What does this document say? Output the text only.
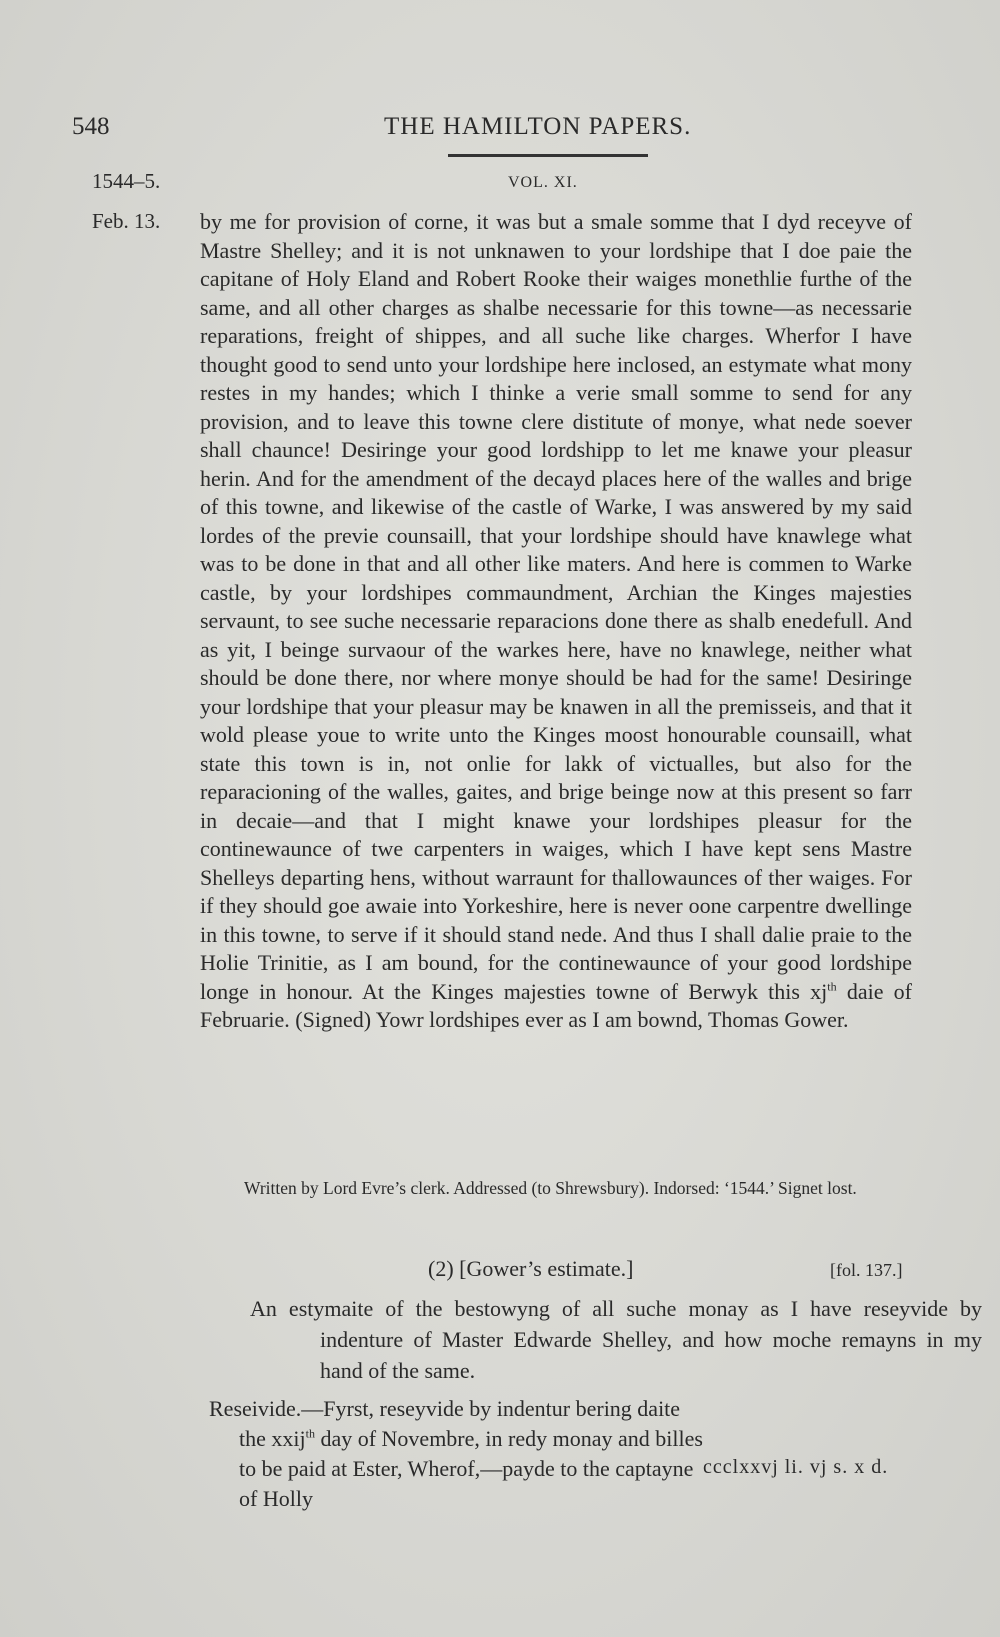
548	THE HAMILTON PAPERS.
1544–5.	VOL. XI.
Feb. 13. by me for provision of corne, it was but a smale somme that I dyd receyve of Mastre Shelley; and it is not unknawen to your lordshipe that I doe paie the capitane of Holy Eland and Robert Rooke their waiges monethlie furthe of the same, and all other charges as shalbe necessarie for this towne—as necessarie reparations, freight of shippes, and all suche like charges. Wherfor I have thought good to send unto your lordshipe here inclosed, an estymate what mony restes in my handes; which I thinke a verie small somme to send for any provision, and to leave this towne clere distitute of monye, what nede soever shall chaunce! Desiringe your good lordshipp to let me knawe your pleasur herin. And for the amendment of the decayd places here of the walles and brige of this towne, and likewise of the castle of Warke, I was answered by my said lordes of the previe counsaill, that your lordshipe should have knawlege what was to be done in that and all other like maters. And here is commen to Warke castle, by your lordshipes commaundment, Archian the Kinges majesties servaunt, to see suche necessarie reparacions done there as shalb enedefull. And as yit, I beinge survaour of the warkes here, have no knawlege, neither what should be done there, nor where monye should be had for the same! Desiringe your lordshipe that your pleasur may be knawen in all the premisseis, and that it wold please youe to write unto the Kinges moost honourable counsaill, what state this town is in, not onlie for lakk of victualles, but also for the reparacioning of the walles, gaites, and brige beinge now at this present so farr in decaie—and that I might knawe your lordshipes pleasur for the continewaunce of twe carpenters in waiges, which I have kept sens Mastre Shelleys departing hens, without warraunt for thallowaunces of ther waiges. For if they should goe awaie into Yorkeshire, here is never oone carpentre dwellinge in this towne, to serve if it should stand nede. And thus I shall dalie praie to the Holie Trinitie, as I am bound, for the continewaunce of your good lordshipe longe in honour. At the Kinges majesties towne of Berwyk this $xj^{th}$ daie of Februarie. (Signed) Yowr lordshipes ever as I am bownd, Thomas Gower.
Written by Lord Evre’s clerk. Addressed (to Shrewsbury). Indorsed: ‘1544.’ Signet lost.
(2) [Gower’s estimate.]	[fol. 137.]
An estymaite of the bestowyng of all suche monay as I have reseyvide by indenture of Master Edwarde Shelley, and how moche remayns in my hand of the same.
Reseivide.—Fyrst, reseyvide by indentur bering daite the xxij$^{th}$ day of Novembre, in redy monay and billes to be paid at Ester, Wherof,—payde to the captayne of Holly
ccclxxvj li. vj s. x d.
